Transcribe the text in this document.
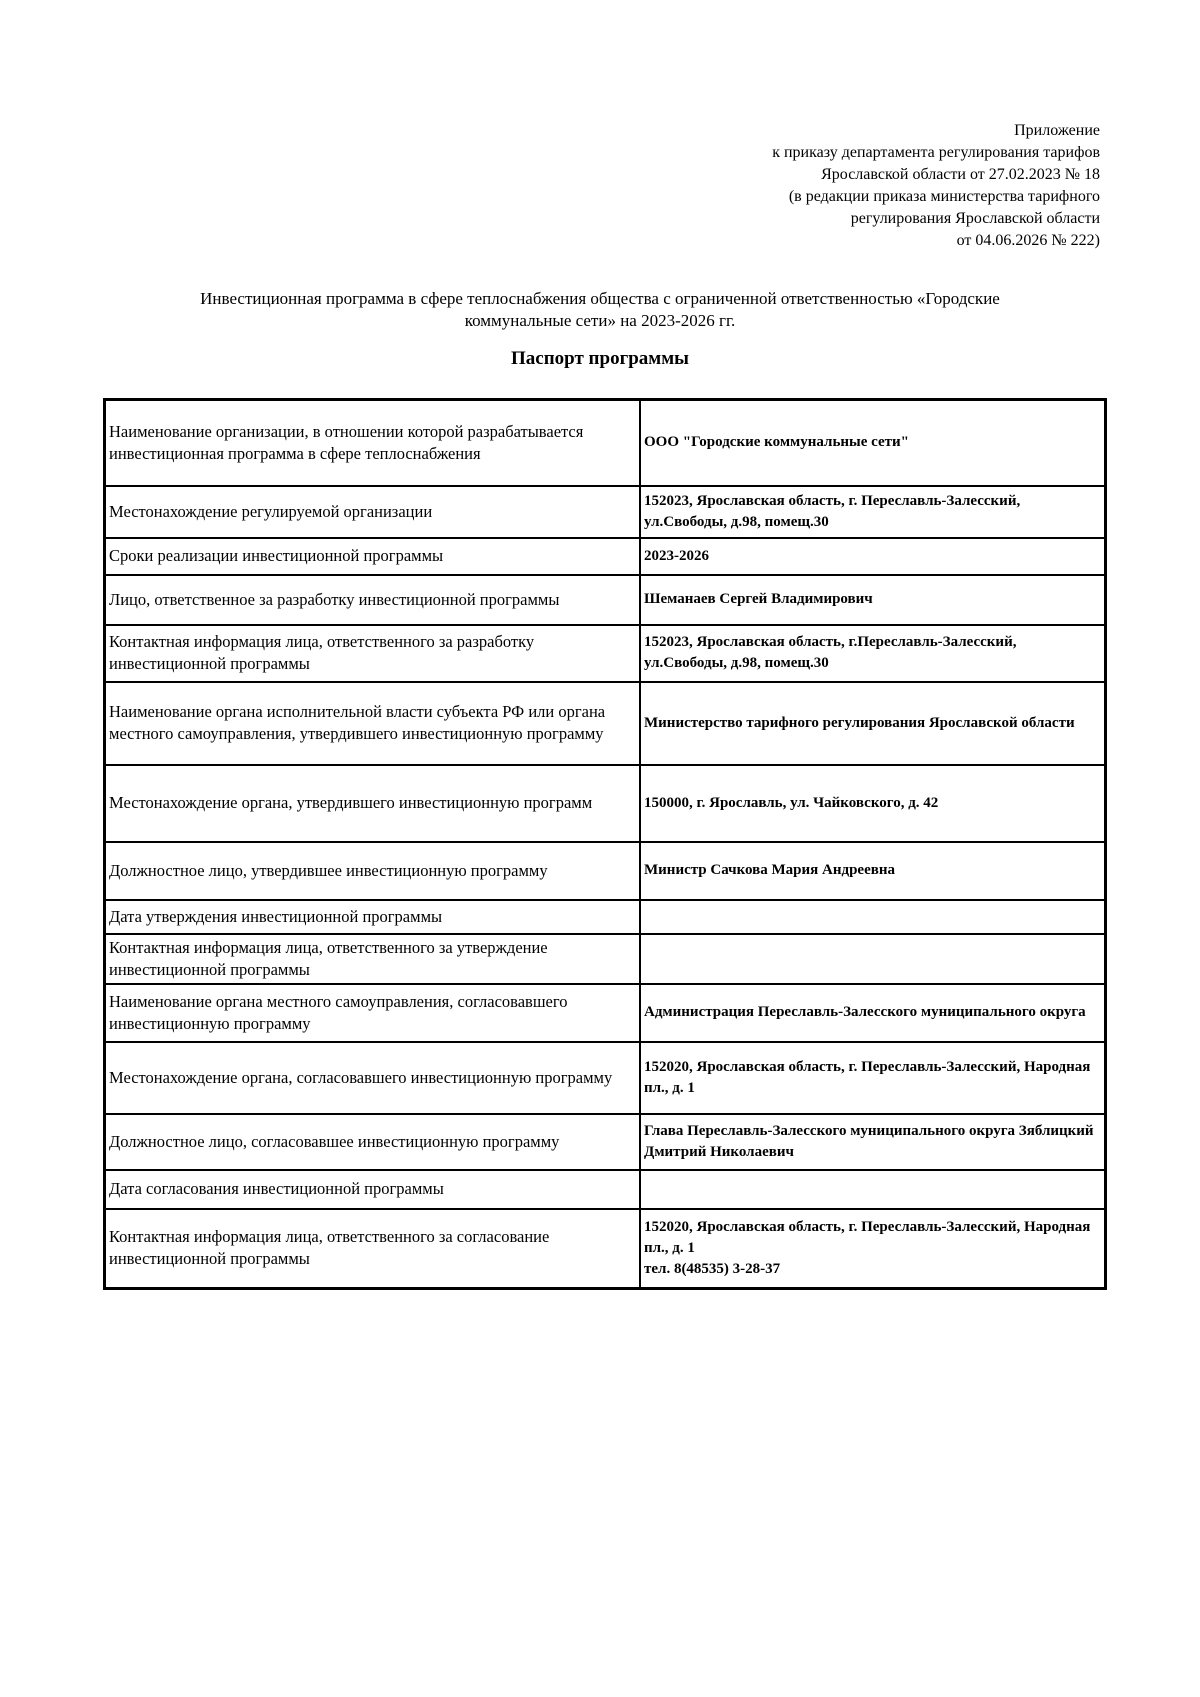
Приложение
к приказу департамента регулирования тарифов
Ярославской области от 27.02.2023 № 18
(в редакции приказа министерства тарифного
регулирования Ярославской области
от 04.06.2026 № 222)
Инвестиционная программа в сфере теплоснабжения общества с ограниченной ответственностью «Городские
коммунальные сети» на 2023-2026 гг.
Паспорт программы
Наименование организации, в отношении которой разрабатывается инвестиционная программа в сфере теплоснабжения	ООО "Городские коммунальные сети"
Местонахождение регулируемой организации	152023, Ярославская область, г. Переславль-Залесский, ул.Свободы, д.98, помещ.30
Сроки реализации инвестиционной программы	2023-2026
Лицо, ответственное за разработку инвестиционной программы	Шеманаев Сергей Владимирович
Контактная информация лица, ответственного за разработку инвестиционной программы	152023, Ярославская область, г.Переславль-Залесский, ул.Свободы, д.98, помещ.30
Наименование органа исполнительной власти субъекта РФ или органа местного самоуправления, утвердившего инвестиционную программу	Министерство тарифного регулирования Ярославской области
Местонахождение органа, утвердившего инвестиционную программ	150000, г. Ярославль, ул. Чайковского, д. 42
Должностное лицо, утвердившее инвестиционную программу	Министр Сачкова Мария Андреевна
Дата утверждения инвестиционной программы	
Контактная информация лица, ответственного за утверждение инвестиционной программы	
Наименование органа местного самоуправления, согласовавшего инвестиционную программу	Администрация Переславль-Залесского муниципального округа
Местонахождение органа, согласовавшего инвестиционную программу	152020, Ярославская область, г. Переславль-Залесский, Народная пл., д. 1
Должностное лицо, согласовавшее инвестиционную программу	Глава Переславль-Залесского муниципального округа Зяблицкий Дмитрий Николаевич
Дата согласования инвестиционной программы	
Контактная информация лица, ответственного за согласование инвестиционной программы	152020, Ярославская область, г. Переславль-Залесский, Народная пл., д. 1
тел. 8(48535) 3-28-37
